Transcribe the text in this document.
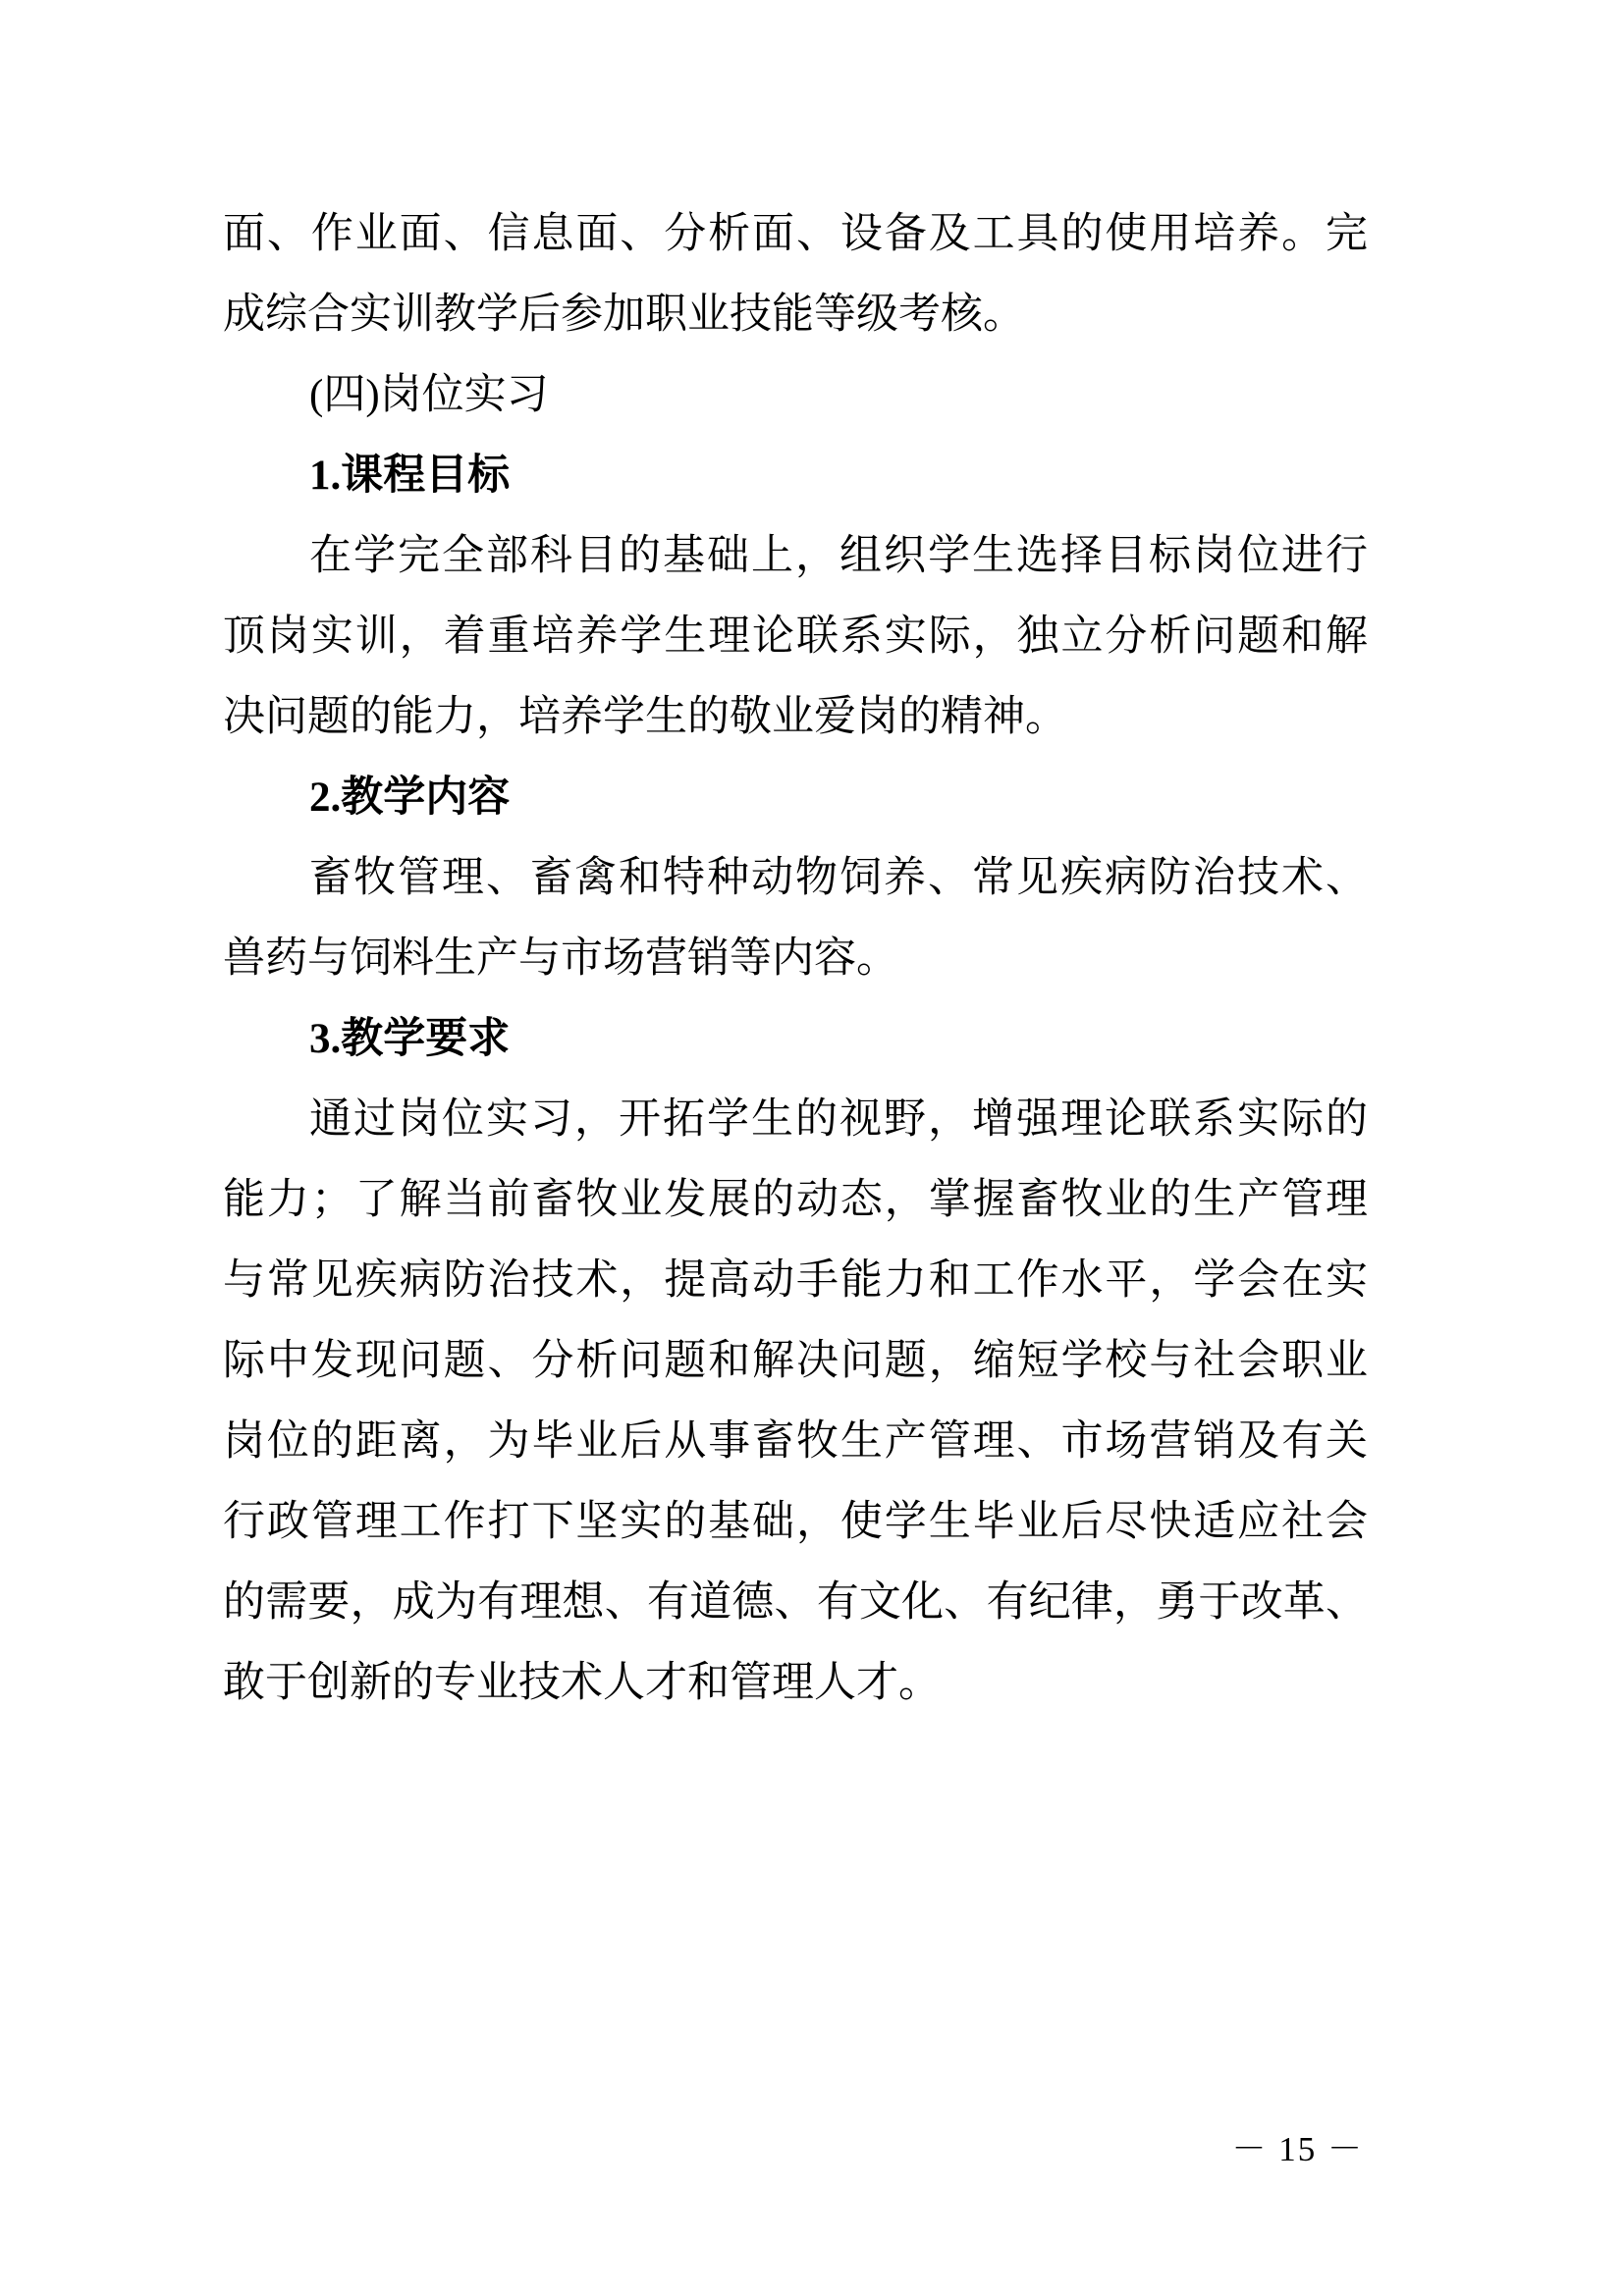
面、作业面、信息面、分析面、设备及工具的使用培养。完
成综合实训教学后参加职业技能等级考核。
(四)岗位实习
1.课程目标
在学完全部科目的基础上，组织学生选择目标岗位进行
顶岗实训，着重培养学生理论联系实际，独立分析问题和解
决问题的能力，培养学生的敬业爱岗的精神。
2.教学内容
畜牧管理、畜禽和特种动物饲养、常见疾病防治技术、
兽药与饲料生产与市场营销等内容。
3.教学要求
通过岗位实习，开拓学生的视野，增强理论联系实际的
能力；了解当前畜牧业发展的动态，掌握畜牧业的生产管理
与常见疾病防治技术，提高动手能力和工作水平，学会在实
际中发现问题、分析问题和解决问题，缩短学校与社会职业
岗位的距离，为毕业后从事畜牧生产管理、市场营销及有关
行政管理工作打下坚实的基础，使学生毕业后尽快适应社会
的需要，成为有理想、有道德、有文化、有纪律，勇于改革、
敢于创新的专业技术人才和管理人才。
－ 15 －
